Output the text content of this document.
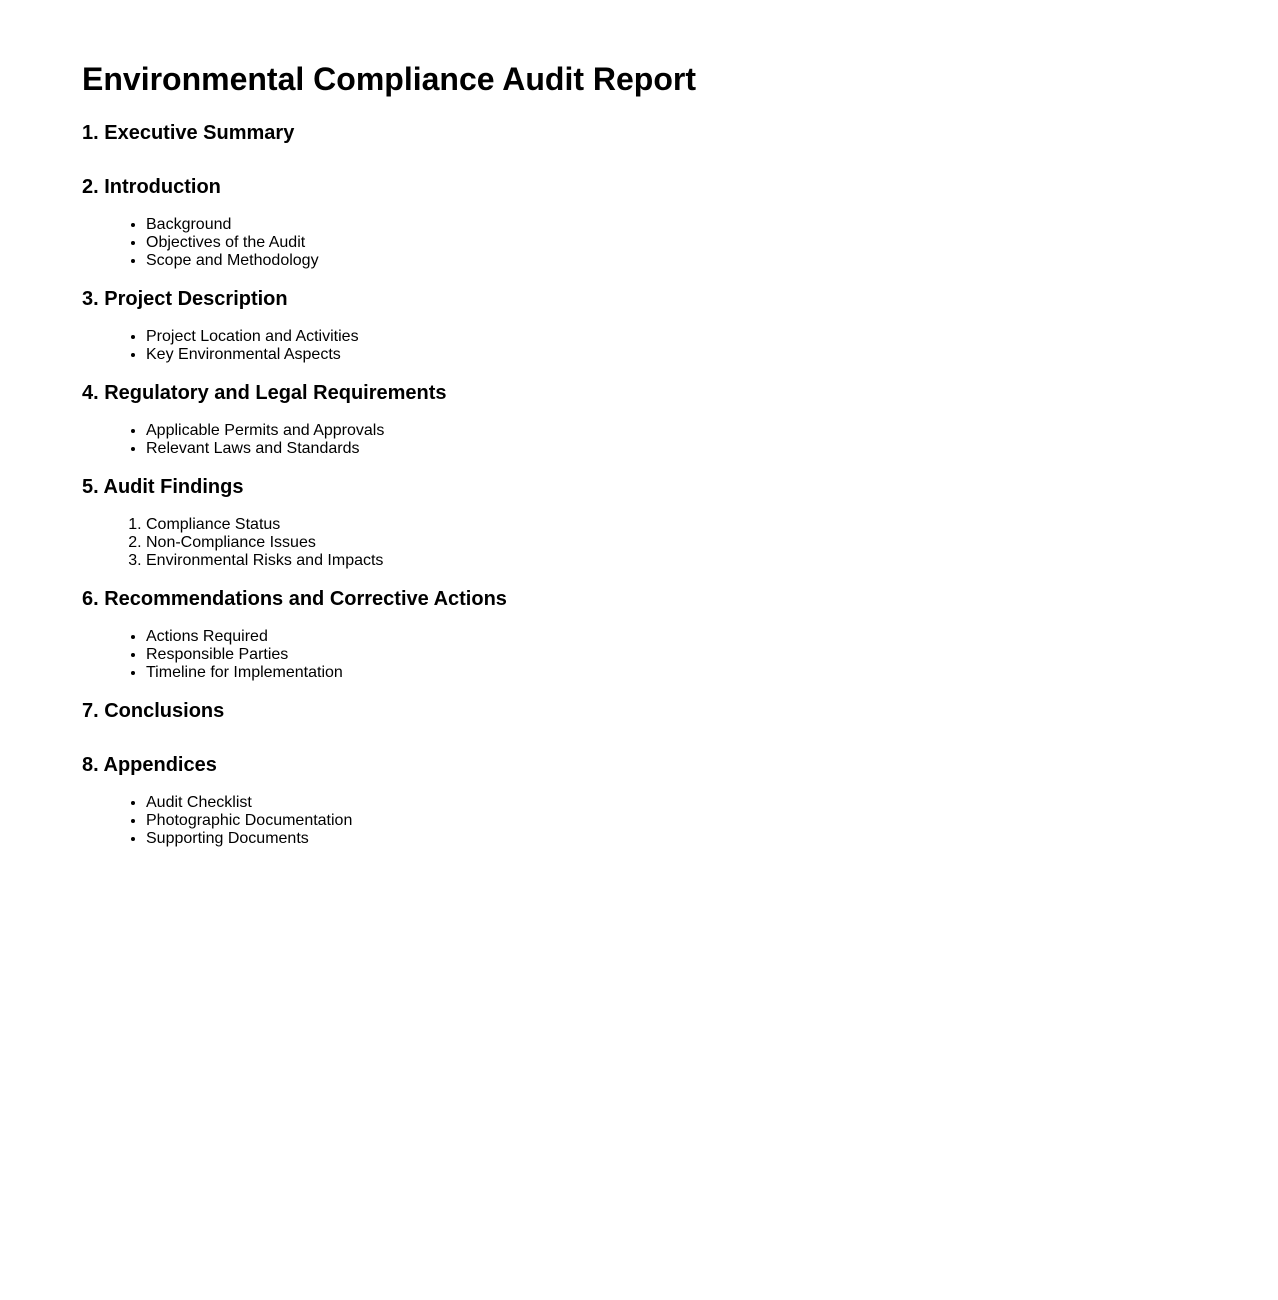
Environmental Compliance Audit Report
1. Executive Summary
2. Introduction
• Background
• Objectives of the Audit
• Scope and Methodology
3. Project Description
• Project Location and Activities
• Key Environmental Aspects
4. Regulatory and Legal Requirements
• Applicable Permits and Approvals
• Relevant Laws and Standards
5. Audit Findings
1. Compliance Status
2. Non-Compliance Issues
3. Environmental Risks and Impacts
6. Recommendations and Corrective Actions
• Actions Required
• Responsible Parties
• Timeline for Implementation
7. Conclusions
8. Appendices
• Audit Checklist
• Photographic Documentation
• Supporting Documents
